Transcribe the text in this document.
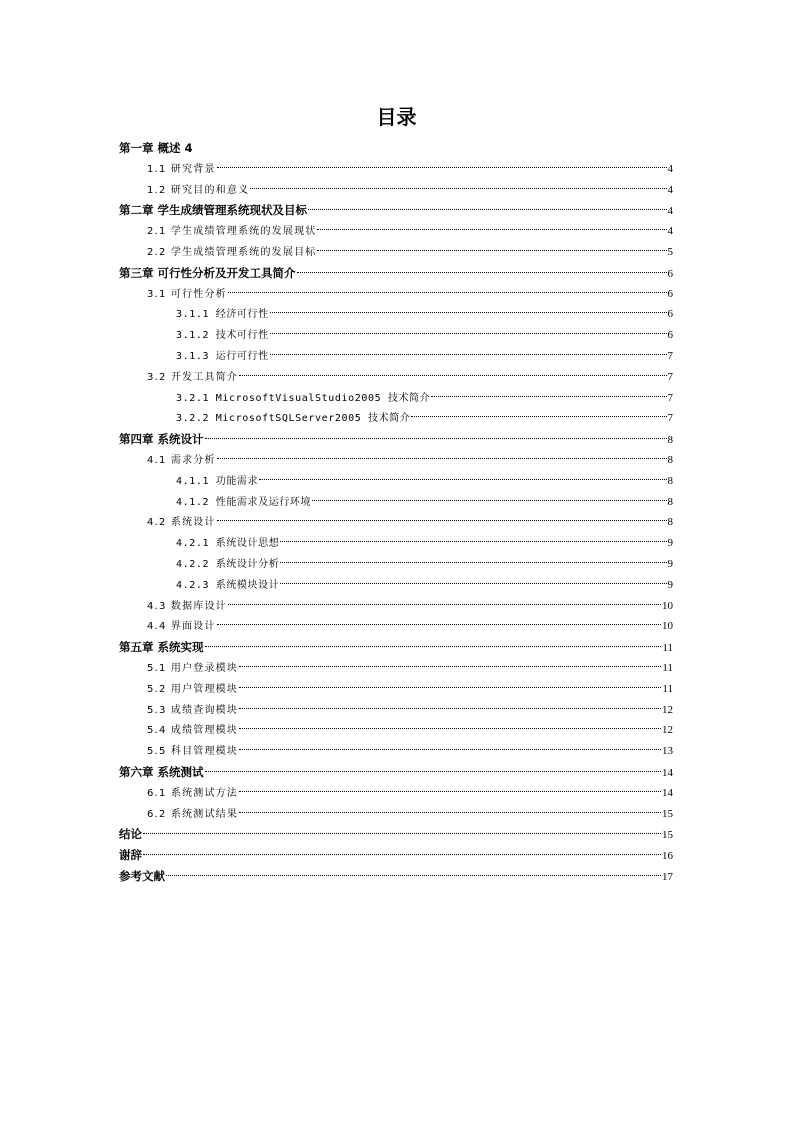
目录
第一章 概述 4
1.1 研究背景	4
1.2 研究目的和意义	4
第二章 学生成绩管理系统现状及目标	4
2.1 学生成绩管理系统的发展现状	4
2.2 学生成绩管理系统的发展目标	5
第三章 可行性分析及开发工具简介	6
3.1 可行性分析	6
3.1.1 经济可行性	6
3.1.2 技术可行性	6
3.1.3 运行可行性	7
3.2 开发工具简介	7
3.2.1 MicrosoftVisualStudio2005 技术简介	7
3.2.2 MicrosoftSQLServer2005 技术简介	7
第四章 系统设计	8
4.1 需求分析	8
4.1.1 功能需求	8
4.1.2 性能需求及运行环境	8
4.2 系统设计	8
4.2.1 系统设计思想	9
4.2.2 系统设计分析	9
4.2.3 系统模块设计	9
4.3 数据库设计	10
4.4 界面设计	10
第五章 系统实现	11
5.1 用户登录模块	11
5.2 用户管理模块	11
5.3 成绩查询模块	12
5.4 成绩管理模块	12
5.5 科目管理模块	13
第六章 系统测试	14
6.1 系统测试方法	14
6.2 系统测试结果	15
结论	15
谢辞	16
参考文献	17
